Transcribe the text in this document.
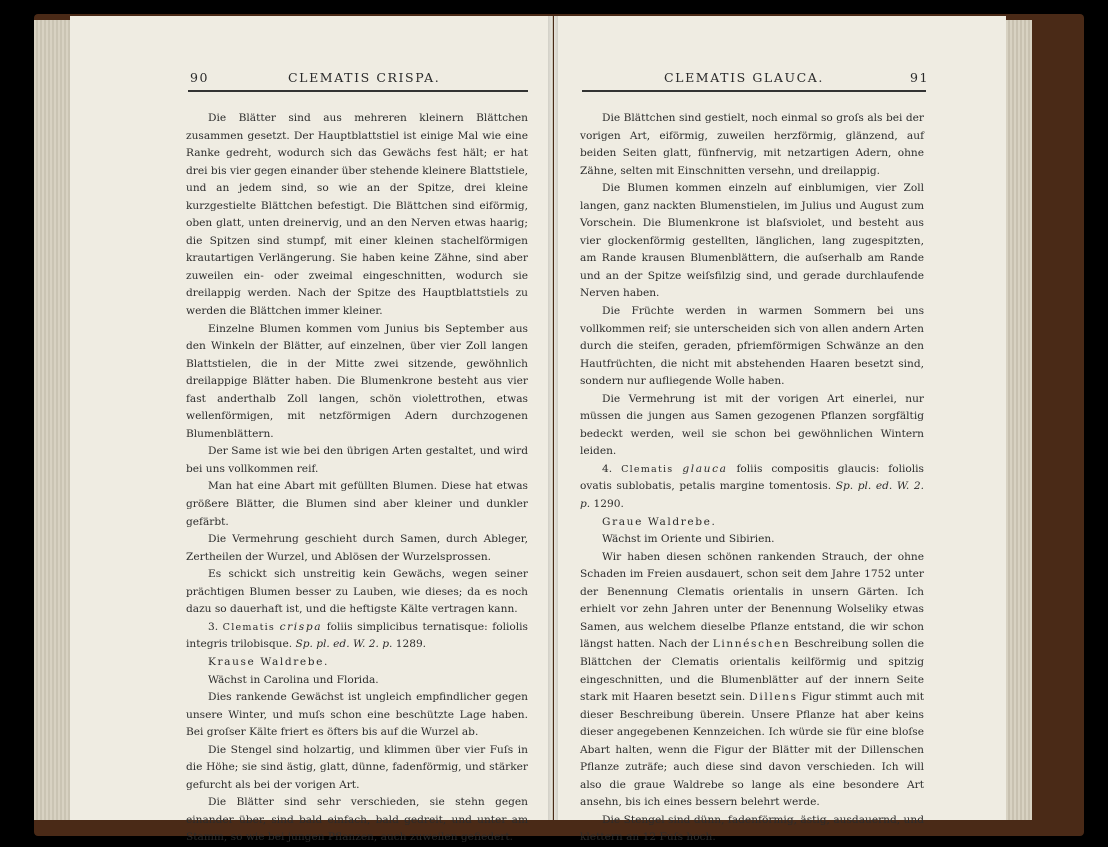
90	CLEMATIS CRISPA.

Die Blätter sind aus mehreren kleinern Blättchen zusammen gesetzt. Der Hauptblattstiel ist einige Mal wie eine Ranke gedreht, wodurch sich das Gewächs fest hält; er hat drei bis vier gegen einander über stehende kleinere Blattstiele, und an jedem sind, so wie an der Spitze, drei kleine kurzgestielte Blättchen befestigt. Die Blättchen sind eiförmig, oben glatt, unten dreinervig, und an den Nerven etwas haarig; die Spitzen sind stumpf, mit einer kleinen stachelförmigen krautartigen Verlängerung. Sie haben keine Zähne, sind aber zuweilen ein- oder zweimal eingeschnitten, wodurch sie dreilappig werden. Nach der Spitze des Hauptblattstiels zu werden die Blättchen immer kleiner.

Einzelne Blumen kommen vom Junius bis September aus den Winkeln der Blätter, auf einzelnen, über vier Zoll langen Blattstielen, die in der Mitte zwei sitzende, gewöhnlich dreilappige Blätter haben. Die Blumenkrone besteht aus vier fast anderthalb Zoll langen, schön violettrothen, etwas wellenförmigen, mit netzförmigen Adern durchzogenen Blumenblättern.

Der Same ist wie bei den übrigen Arten gestaltet, und wird bei uns vollkommen reif.

Man hat eine Abart mit gefüllten Blumen. Diese hat etwas größere Blätter, die Blumen sind aber kleiner und dunkler gefärbt.

Die Vermehrung geschieht durch Samen, durch Ableger, Zertheilen der Wurzel, und Ablösen der Wurzelsprossen.

Es schickt sich unstreitig kein Gewächs, wegen seiner prächtigen Blumen besser zu Lauben, wie dieses; da es noch dazu so dauerhaft ist, und die heftigste Kälte vertragen kann.

3. Clematis crispa foliis simplicibus ternatisque: foliolis integris trilobisque. Sp. pl. ed. W. 2. p. 1289.

Krause Waldrebe.

Wächst in Carolina und Florida.

Dies rankende Gewächst ist ungleich empfindlicher gegen unsere Winter, und muſs schon eine beschützte Lage haben. Bei groſser Kälte friert es öfters bis auf die Wurzel ab.

Die Stengel sind holzartig, und klimmen über vier Fuſs in die Höhe; sie sind ästig, glatt, dünne, fadenförmig, und stärker gefurcht als bei der vorigen Art.

Die Blätter sind sehr verschieden, sie stehn gegen einander über, sind bald einfach, bald gedreit, und unter am Stamm, so wie bei jungen Pflanzen, auch zuweilen gefiedert.

CLEMATIS GLAUCA.	91

Die Blättchen sind gestielt, noch einmal so groſs als bei der vorigen Art, eiförmig, zuweilen herzförmig, glänzend, auf beiden Seiten glatt, fünfnervig, mit netzartigen Adern, ohne Zähne, selten mit Einschnitten versehn, und dreilappig.

Die Blumen kommen einzeln auf einblumigen, vier Zoll langen, ganz nackten Blumenstielen, im Julius und August zum Vorschein. Die Blumenkrone ist blaſsviolet, und besteht aus vier glockenförmig gestellten, länglichen, lang zugespitzten, am Rande krausen Blumenblättern, die auſserhalb am Rande und an der Spitze weiſsfilzig sind, und gerade durchlaufende Nerven haben.

Die Früchte werden in warmen Sommern bei uns vollkommen reif; sie unterscheiden sich von allen andern Arten durch die steifen, geraden, pfriemförmigen Schwänze an den Hautfrüchten, die nicht mit abstehenden Haaren besetzt sind, sondern nur aufliegende Wolle haben.

Die Vermehrung ist mit der vorigen Art einerlei, nur müssen die jungen aus Samen gezogenen Pflanzen sorgfältig bedeckt werden, weil sie schon bei gewöhnlichen Wintern leiden.

4. Clematis glauca foliis compositis glaucis: foliolis ovatis sublobatis, petalis margine tomentosis. Sp. pl. ed. W. 2. p. 1290.

Graue Waldrebe.

Wächst im Oriente und Sibirien.

Wir haben diesen schönen rankenden Strauch, der ohne Schaden im Freien ausdauert, schon seit dem Jahre 1752 unter der Benennung Clematis orientalis in unsern Gärten. Ich erhielt vor zehn Jahren unter der Benennung Wolseliky etwas Samen, aus welchem dieselbe Pflanze entstand, die wir schon längst hatten. Nach der Linnéschen Beschreibung sollen die Blättchen der Clematis orientalis keilförmig und spitzig eingeschnitten, und die Blumenblätter auf der innern Seite stark mit Haaren besetzt sein. Dillens Figur stimmt auch mit dieser Beschreibung überein. Unsere Pflanze hat aber keins dieser angegebenen Kennzeichen. Ich würde sie für eine bloſse Abart halten, wenn die Figur der Blätter mit der Dillenschen Pflanze zuträfe; auch diese sind davon verschieden. Ich will also die graue Waldrebe so lange als eine besondere Art ansehn, bis ich eines bessern belehrt werde.

Die Stengel sind dünn, fadenförmig, ästig, ausdauernd, und klettern an 12 Fuſs hoch.
